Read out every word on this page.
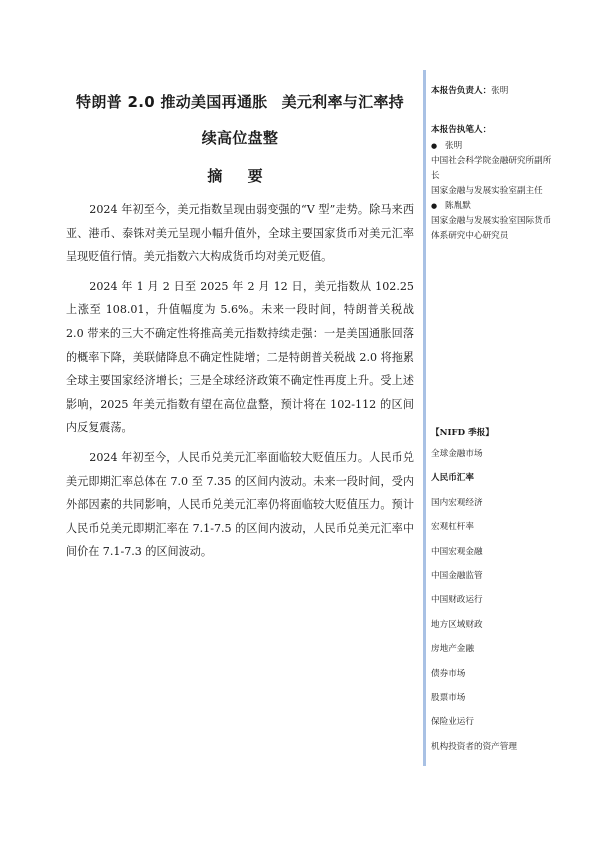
特朗普 2.0 推动美国再通胀 美元利率与汇率持
续高位盘整
摘 要

2024 年初至今，美元指数呈现由弱变强的“V 型”走势。除马来西亚、港币、泰铢对美元呈现小幅升值外，全球主要国家货币对美元汇率呈现贬值行情。美元指数六大构成货币均对美元贬值。

2024 年 1 月 2 日至 2025 年 2 月 12 日，美元指数从 102.25 上涨至 108.01，升值幅度为 5.6%。未来一段时间，特朗普关税战 2.0 带来的三大不确定性将推高美元指数持续走强：一是美国通胀回落的概率下降，美联储降息不确定性陡增；二是特朗普关税战 2.0 将拖累全球主要国家经济增长；三是全球经济政策不确定性再度上升。受上述影响，2025 年美元指数有望在高位盘整，预计将在 102-112 的区间内反复震荡。

2024 年初至今，人民币兑美元汇率面临较大贬值压力。人民币兑美元即期汇率总体在 7.0 至 7.35 的区间内波动。未来一段时间，受内外部因素的共同影响，人民币兑美元汇率仍将面临较大贬值压力。预计人民币兑美元即期汇率在 7.1-7.5 的区间内波动，人民币兑美元汇率中间价在 7.1-7.3 的区间波动。

本报告负责人：张明
本报告执笔人：
● 张明
中国社会科学院金融研究所副所长
国家金融与发展实验室副主任
● 陈胤默
国家金融与发展实验室国际货币体系研究中心研究员
【NIFD 季报】
全球金融市场
人民币汇率
国内宏观经济
宏观杠杆率
中国宏观金融
中国金融监管
中国财政运行
地方区域财政
房地产金融
债券市场
股票市场
保险业运行
机构投资者的资产管理
